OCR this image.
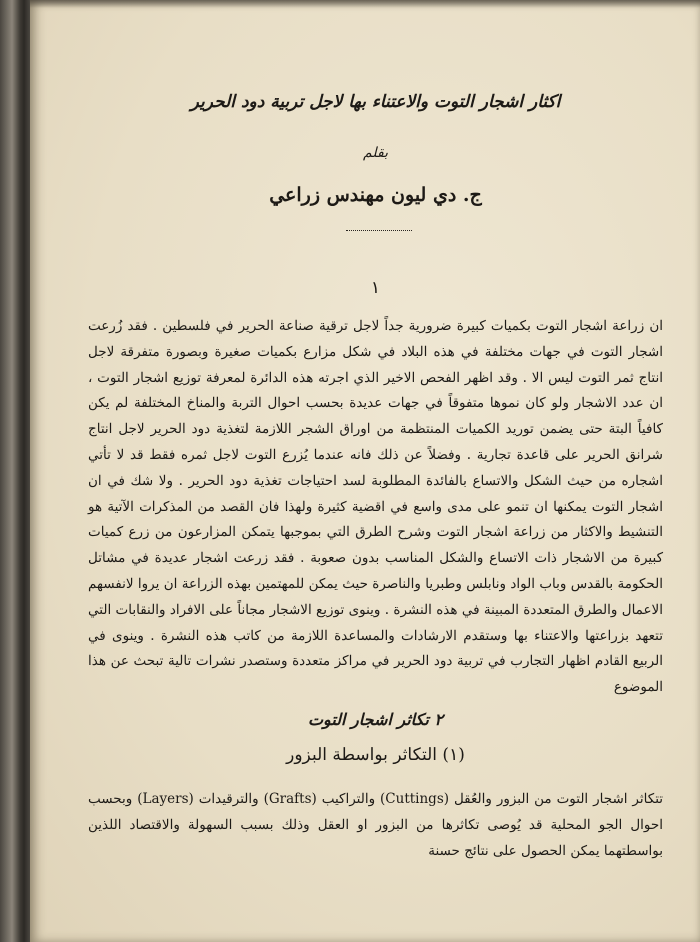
اكثار اشجار التوت والاعتناء بها لاجل تربية دود الحرير
بقلم
ج. دي ليون مهندس زراعي
١

ان زراعة اشجار التوت بكميات كبيرة ضرورية جداً لاجل ترقية صناعة الحرير في فلسطين . فقد زُرعت اشجار التوت في جهات مختلفة في هذه البلاد في شكل مزارع بكميات صغيرة وبصورة متفرقة لاجل انتاج ثمر التوت ليس الا . وقد اظهر الفحص الاخير الذي اجرته هذه الدائرة لمعرفة توزيع اشجار التوت ، ان عدد الاشجار ولو كان نموها متفوقاً في جهات عديدة بحسب احوال التربة والمناخ المختلفة لم يكن كافياً البتة حتى يضمن توريد الكميات المنتظمة من اوراق الشجر اللازمة لتغذية دود الحرير لاجل انتاج شرانق الحرير على قاعدة تجارية . وفضلاً عن ذلك فانه عندما يُزرع التوت لاجل ثمره فقط قد لا تأتي اشجاره من حيث الشكل والاتساع بالفائدة المطلوبة لسد احتياجات تغذية دود الحرير . ولا شك في ان اشجار التوت يمكنها ان تنمو على مدى واسع في اقضية كثيرة ولهذا فان القصد من المذكرات الآتية هو التنشيط والاكثار من زراعة اشجار التوت وشرح الطرق التي بموجبها يتمكن المزارعون من زرع كميات كبيرة من الاشجار ذات الاتساع والشكل المناسب بدون صعوبة . فقد زرعت اشجار عديدة في مشاتل الحكومة بالقدس وباب الواد ونابلس وطبريا والناصرة حيث يمكن للمهتمين بهذه الزراعة ان يروا لانفسهم الاعمال والطرق المتعددة المبينة في هذه النشرة . وينوى توزيع الاشجار مجاناً على الافراد والنقابات التي تتعهد بزراعتها والاعتناء بها وستقدم الارشادات والمساعدة اللازمة من كاتب هذه النشرة . وينوى في الربيع القادم اظهار التجارب في تربية دود الحرير في مراكز متعددة وستصدر نشرات تالية تبحث عن هذا الموضوع

٢ تكاثر اشجار التوت
(١) التكاثر بواسطة البزور

تتكاثر اشجار التوت من البزور والعُقل (Cuttings) والتراكيب (Grafts) والترقيدات (Layers) وبحسب احوال الجو المحلية قد يُوصى تكاثرها من البزور او العقل وذلك بسبب السهولة والاقتصاد اللذين بواسطتهما يمكن الحصول على نتائج حسنة
